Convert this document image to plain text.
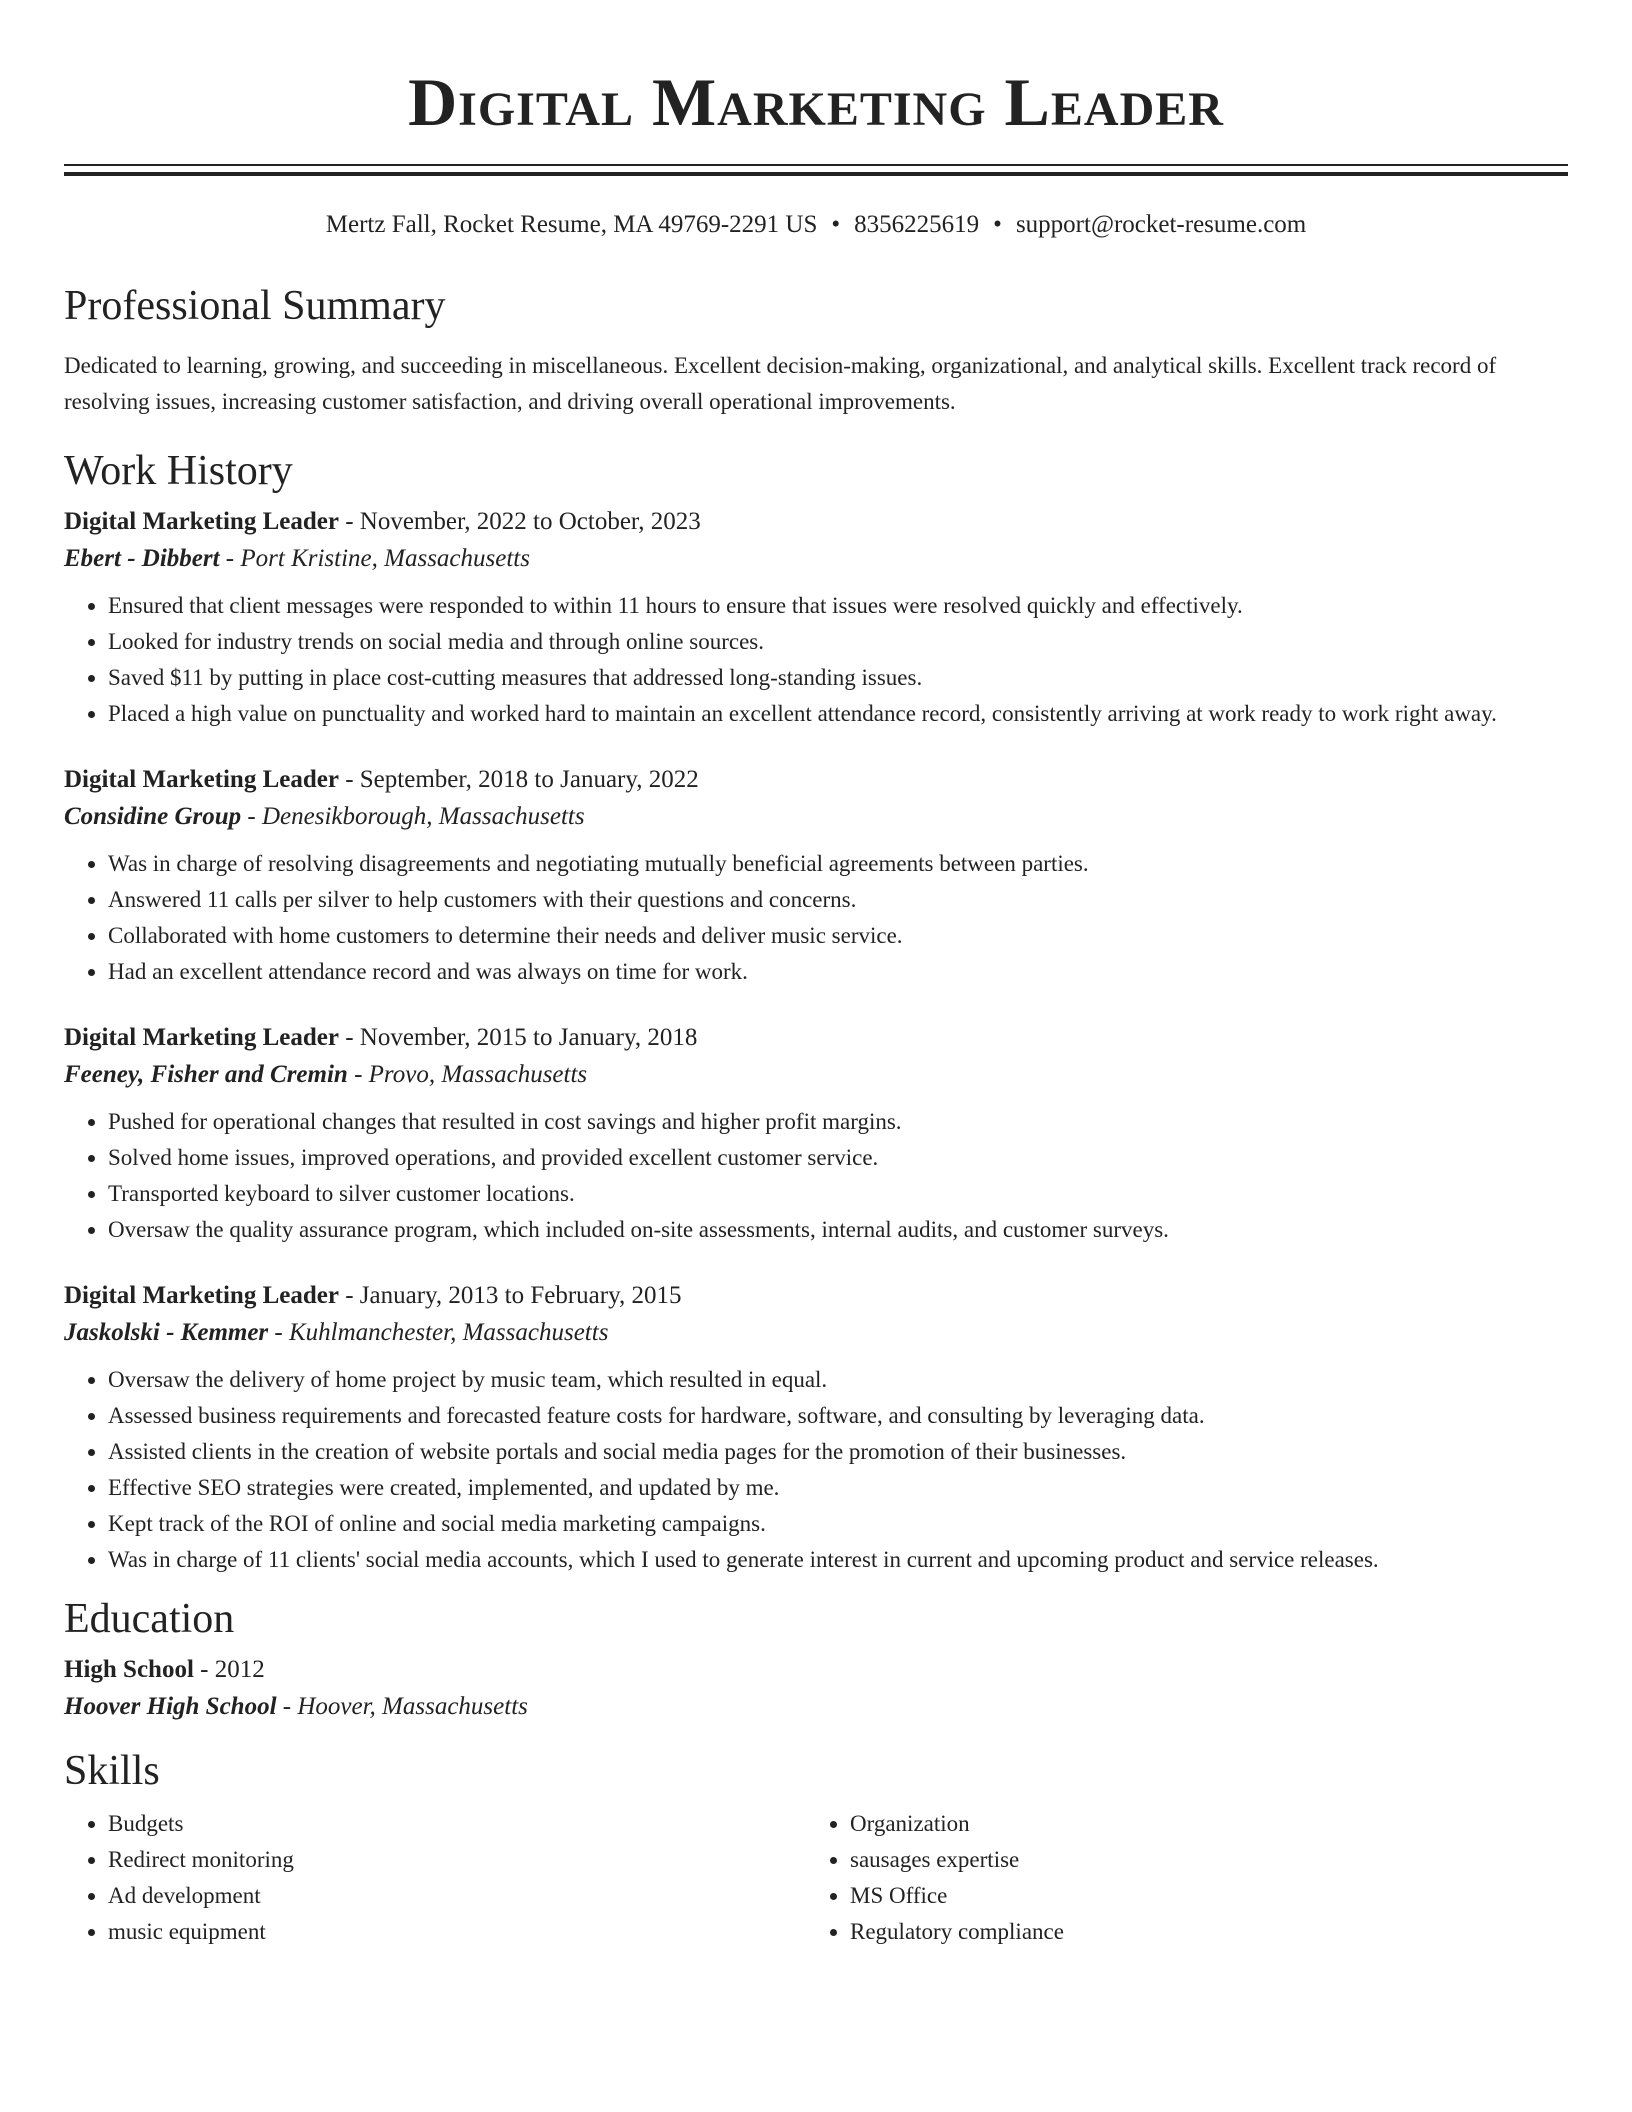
Digital Marketing Leader
Mertz Fall, Rocket Resume, MA 49769-2291 US • 8356225619 • support@rocket-resume.com
Professional Summary
Dedicated to learning, growing, and succeeding in miscellaneous. Excellent decision-making, organizational, and analytical skills. Excellent track record of resolving issues, increasing customer satisfaction, and driving overall operational improvements.
Work History
Digital Marketing Leader - November, 2022 to October, 2023
Ebert - Dibbert - Port Kristine, Massachusetts
• Ensured that client messages were responded to within 11 hours to ensure that issues were resolved quickly and effectively.
• Looked for industry trends on social media and through online sources.
• Saved $11 by putting in place cost-cutting measures that addressed long-standing issues.
• Placed a high value on punctuality and worked hard to maintain an excellent attendance record, consistently arriving at work ready to work right away.
Digital Marketing Leader - September, 2018 to January, 2022
Considine Group - Denesikborough, Massachusetts
• Was in charge of resolving disagreements and negotiating mutually beneficial agreements between parties.
• Answered 11 calls per silver to help customers with their questions and concerns.
• Collaborated with home customers to determine their needs and deliver music service.
• Had an excellent attendance record and was always on time for work.
Digital Marketing Leader - November, 2015 to January, 2018
Feeney, Fisher and Cremin - Provo, Massachusetts
• Pushed for operational changes that resulted in cost savings and higher profit margins.
• Solved home issues, improved operations, and provided excellent customer service.
• Transported keyboard to silver customer locations.
• Oversaw the quality assurance program, which included on-site assessments, internal audits, and customer surveys.
Digital Marketing Leader - January, 2013 to February, 2015
Jaskolski - Kemmer - Kuhlmanchester, Massachusetts
• Oversaw the delivery of home project by music team, which resulted in equal.
• Assessed business requirements and forecasted feature costs for hardware, software, and consulting by leveraging data.
• Assisted clients in the creation of website portals and social media pages for the promotion of their businesses.
• Effective SEO strategies were created, implemented, and updated by me.
• Kept track of the ROI of online and social media marketing campaigns.
• Was in charge of 11 clients' social media accounts, which I used to generate interest in current and upcoming product and service releases.
Education
High School - 2012
Hoover High School - Hoover, Massachusetts
Skills
• Budgets
• Redirect monitoring
• Ad development
• music equipment
• Organization
• sausages expertise
• MS Office
• Regulatory compliance
